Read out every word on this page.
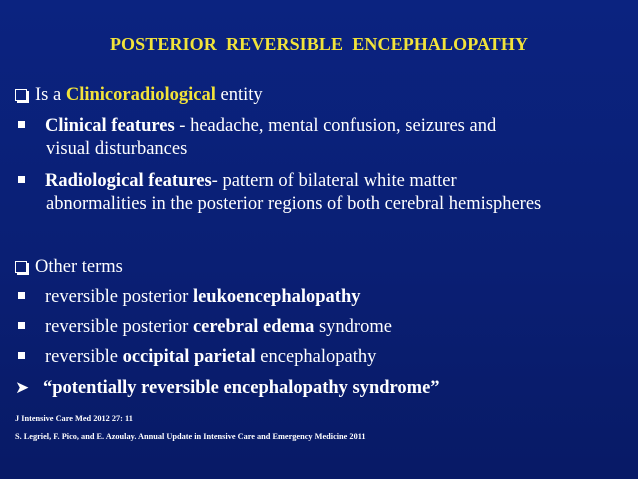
POSTERIOR  REVERSIBLE  ENCEPHALOPATHY
Is a Clinicoradiological entity
Clinical features - headache, mental confusion, seizures and
visual disturbances
Radiological features- pattern of bilateral white matter
abnormalities in the posterior regions of both cerebral hemispheres
Other terms
reversible posterior leukoencephalopathy
reversible posterior cerebral edema syndrome
reversible occipital parietal encephalopathy
➤ “potentially reversible encephalopathy syndrome”
J Intensive Care Med 2012 27: 11
S. Legriel, F. Pico, and E. Azoulay. Annual Update in Intensive Care and Emergency Medicine 2011
